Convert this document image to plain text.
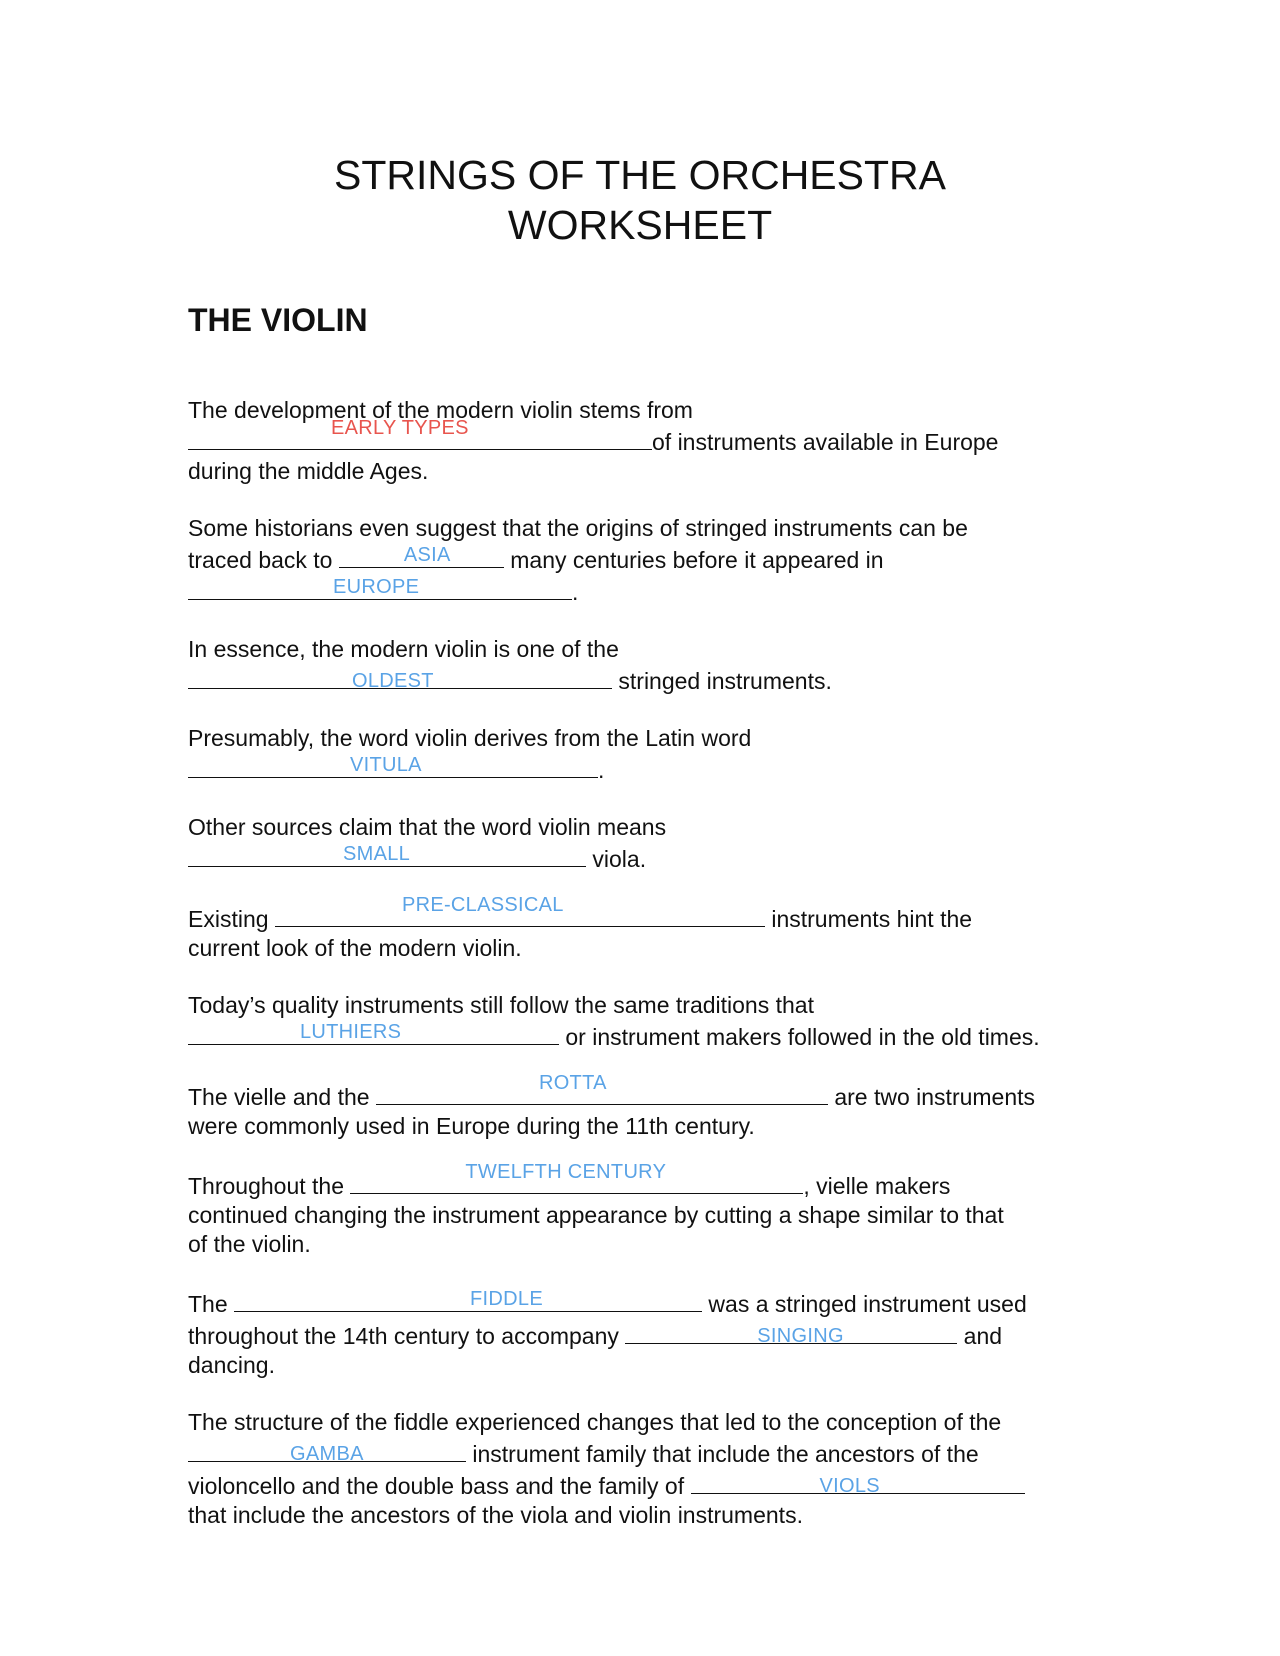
STRINGS OF THE ORCHESTRA
WORKSHEET
THE VIOLIN

The development of the modern violin stems from

EARLY TYPES
of instruments available in Europe
during the middle Ages.

Some historians even suggest that the origins of stringed instruments can be
traced back to	ASIA many centuries before it appeared in

EUROPE	.

In essence, the modern violin is one of the

OLDEST	stringed instruments.

Presumably, the word violin derives from the Latin word

VITULA	.

Other sources claim that the word violin means

SMALL	viola.

Existing
PRE-CLASSICAL
instruments hint the
current look of the modern violin.

Today’s quality instruments still follow the same traditions that

LUTHIERS	or instrument makers followed in the old times.

The vielle and the
ROTTA
are two instruments
were commonly used in Europe during the 11th century.

Throughout the
TWELFTH CENTURY
, vielle makers
continued changing the instrument appearance by cutting a shape similar to that
of the violin.

The	FIDDLE	was a stringed instrument used
throughout the 14th century to accompany	SINGING	and
dancing.

The structure of the fiddle experienced changes that led to the conception of the

GAMBA	instrument family that include the ancestors of the
violoncello and the double bass and the family of	VIOLS

that include the ancestors of the viola and violin instruments.
